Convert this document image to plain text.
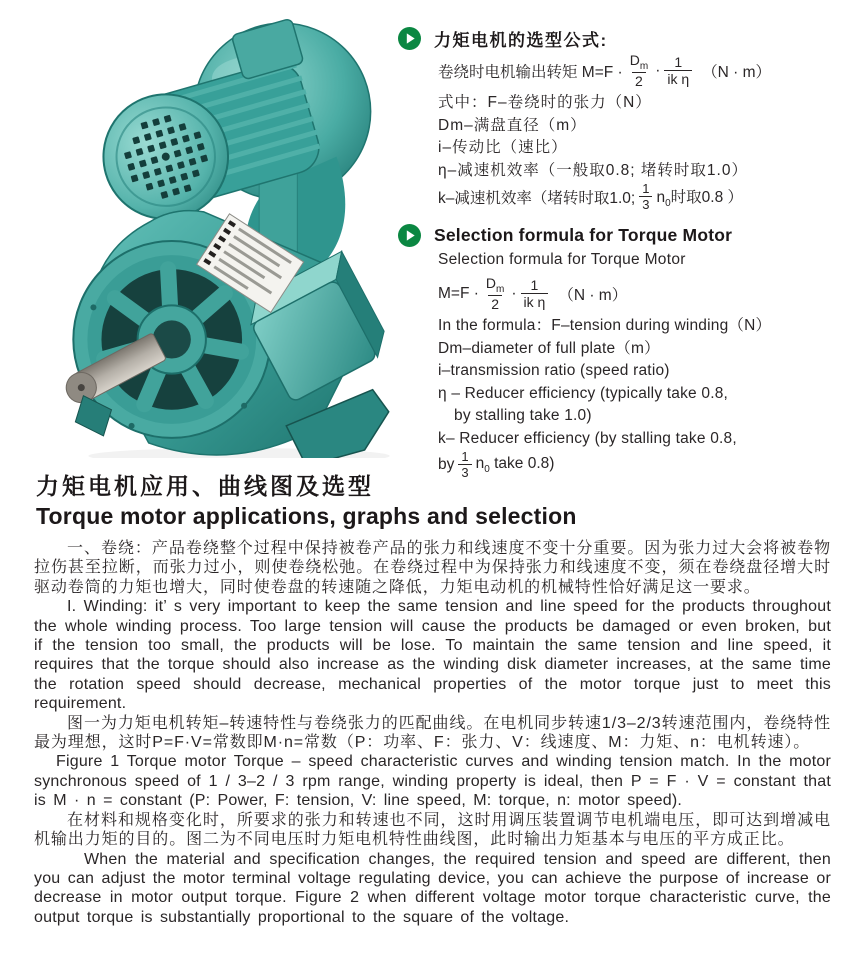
力矩电机的选型公式:
卷绕时电机输出转矩 $M=F \cdot \frac{D_m}{2} \cdot \frac{1}{\text{ik η}} (N \cdot m)$
式中：F–卷绕时的张力（N）
Dm–满盘直径（m）
i–传动比（速比）
η–减速机效率（一般取0.8; 堵转时取1.0）
k–减速机效率（堵转时取1.0; $\frac{1}{3} n_0$时取0.8 ）
Selection formula for Torque Motor
Selection formula for Torque Motor
$M=F \cdot \frac{D_m}{2} \cdot \frac{1}{\text{ik η}} (N \cdot m)$
In the formula：F–tension during winding（N）
Dm–diameter of full plate（m）
i–transmission ratio (speed ratio)
η – Reducer efficiency (typically take 0.8,
by stalling take 1.0)
k– Reducer efficiency (by stalling take 0.8,
by $\frac{1}{3} n_0$ take 0.8)
力矩电机应用、曲线图及选型
Torque motor applications, graphs and selection

一、卷绕：产品卷绕整个过程中保持被卷产品的张力和线速度不变十分重要。因为张力过大会将被卷物拉伤甚至拉断，而张力过小，则使卷绕松弛。在卷绕过程中为保持张力和线速度不变，须在卷绕盘径增大时驱动卷筒的力矩也增大，同时使卷盘的转速随之降低，力矩电动机的机械特性恰好满足这一要求。

I. Winding: it’ s very important to keep the same tension and line speed for the products throughout the whole winding process. Too large tension will cause the products be damaged or even broken, but if the tension too small, the products will be lose. To maintain the same tension and line speed, it requires that the torque should also increase as the winding disk diameter increases, at the same time the rotation speed should decrease, mechanical properties of the motor torque just to meet this requirement.

图一为力矩电机转矩–转速特性与卷绕张力的匹配曲线。在电机同步转速1/3–2/3转速范围内，卷绕特性最为理想，这时P=F·V=常数即M·n=常数（P：功率、F：张力、V：线速度、M：力矩、n：电机转速）。

Figure 1 Torque motor Torque – speed characteristic curves and winding tension match. In the motor synchronous speed of 1 / 3–2 / 3 rpm range, winding property is ideal, then P = F · V = constant that is M · n = constant (P: Power, F: tension, V: line speed, M: torque, n: motor speed).

在材料和规格变化时，所要求的张力和转速也不同，这时用调压装置调节电机端电压，即可达到增减电机输出力矩的目的。图二为不同电压时力矩电机特性曲线图，此时输出力矩基本与电压的平方成正比。

When the material and specification changes, the required tension and speed are different, then you can adjust the motor terminal voltage regulating device, you can achieve the purpose of increase or decrease in motor output torque. Figure 2 when different voltage motor torque characteristic curve, the output torque is substantially proportional to the square of the voltage.
